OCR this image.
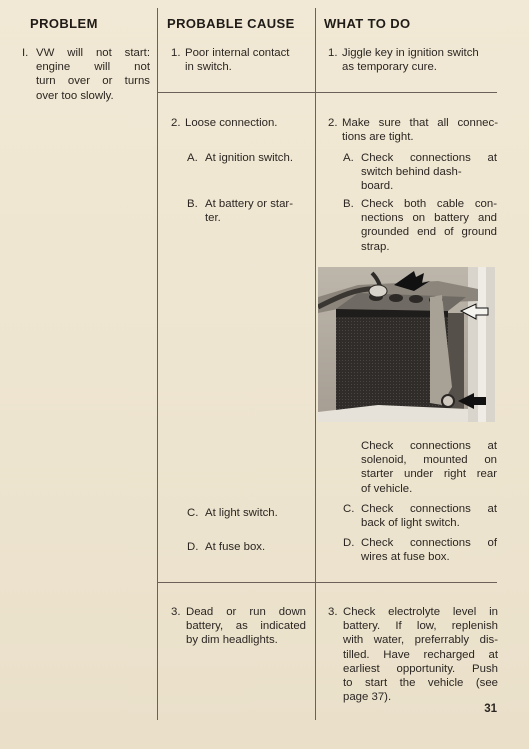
PROBLEM	PROBABLE CAUSE WHAT TO DO
I. VW will not start:
engine will not
turn over or turns
over too slowly.
1. Poor internal contact
in switch.
1. Jiggle key in ignition switch
as temporary cure.
2. Loose connection.
A. At ignition switch.
B. At battery or star-
ter.
C. At light switch.
D. At fuse box.
2. Make sure that all connec-
tions are tight.
A. Check connections at
switch behind dash-
board.
B. Check both cable con-
nections on battery and
grounded end of ground
strap.
Check connections at
solenoid, mounted on
starter under right rear
of vehicle.
C. Check connections at
back of light switch.
D. Check connections of
wires at fuse box.
3. Dead or run down
battery, as indicated
by dim headlights.
3. Check electrolyte level in
battery. If low, replenish
with water, preferrably dis-
tilled. Have recharged at
earliest opportunity. Push
to start the vehicle (see
page 37).
31
